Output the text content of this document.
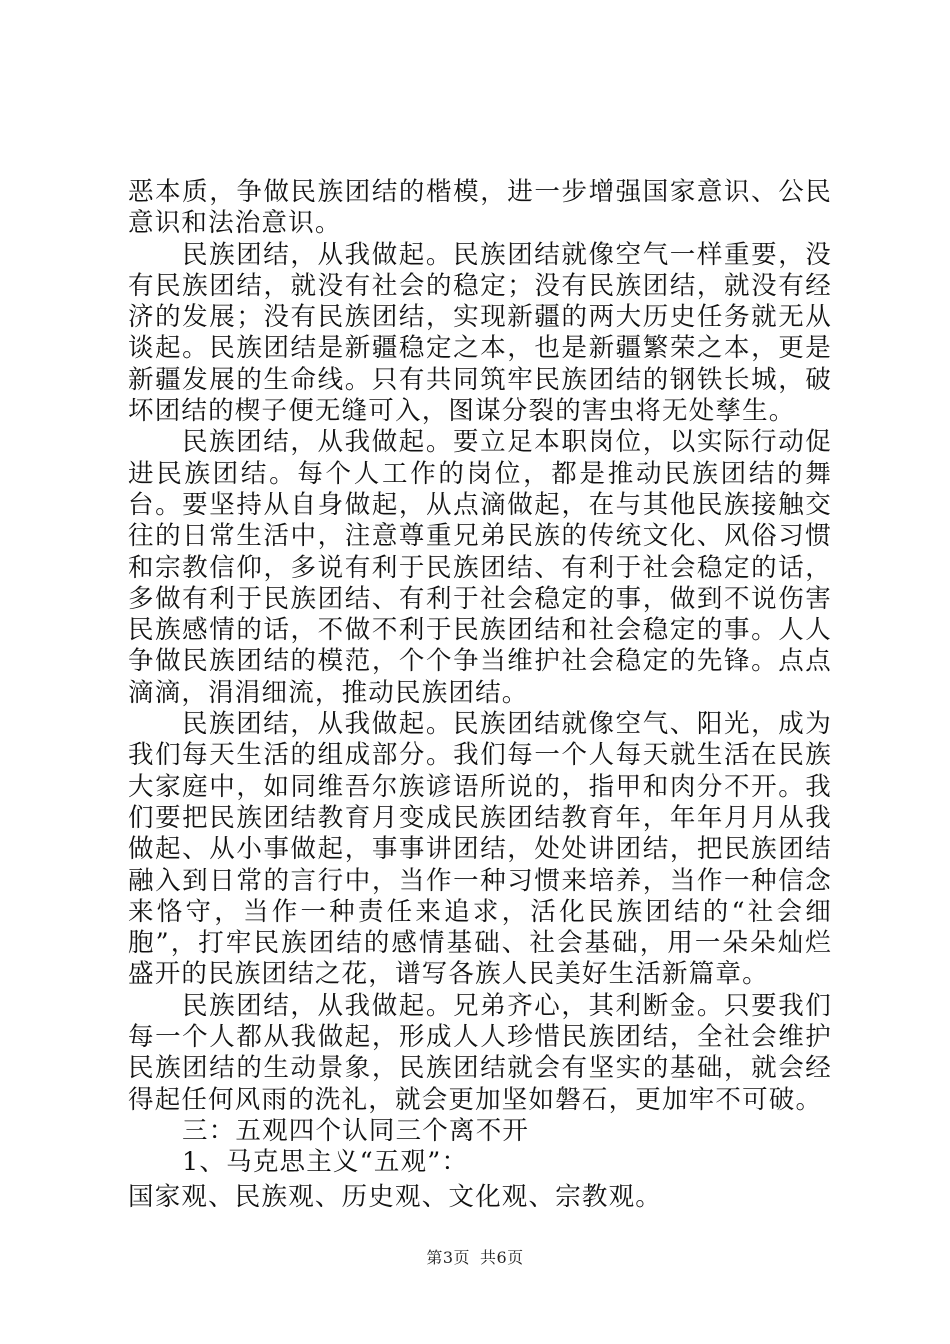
恶本质，争做民族团结的楷模，进一步增强国家意识、公民意识和法治意识。

民族团结，从我做起。民族团结就像空气一样重要，没有民族团结，就没有社会的稳定；没有民族团结，就没有经济的发展；没有民族团结，实现新疆的两大历史任务就无从谈起。民族团结是新疆稳定之本，也是新疆繁荣之本，更是新疆发展的生命线。只有共同筑牢民族团结的钢铁长城，破坏团结的楔子便无缝可入，图谋分裂的害虫将无处孳生。

民族团结，从我做起。要立足本职岗位，以实际行动促进民族团结。每个人工作的岗位，都是推动民族团结的舞台。要坚持从自身做起，从点滴做起，在与其他民族接触交往的日常生活中，注意尊重兄弟民族的传统文化、风俗习惯和宗教信仰，多说有利于民族团结、有利于社会稳定的话，多做有利于民族团结、有利于社会稳定的事，做到不说伤害民族感情的话，不做不利于民族团结和社会稳定的事。人人争做民族团结的模范，个个争当维护社会稳定的先锋。点点滴滴，涓涓细流，推动民族团结。

民族团结，从我做起。民族团结就像空气、阳光，成为我们每天生活的组成部分。我们每一个人每天就生活在民族大家庭中，如同维吾尔族谚语所说的，指甲和肉分不开。我们要把民族团结教育月变成民族团结教育年，年年月月从我做起、从小事做起，事事讲团结，处处讲团结，把民族团结融入到日常的言行中，当作一种习惯来培养，当作一种信念来恪守，当作一种责任来追求，活化民族团结的“社会细胞”，打牢民族团结的感情基础、社会基础，用一朵朵灿烂盛开的民族团结之花，谱写各族人民美好生活新篇章。

民族团结，从我做起。兄弟齐心，其利断金。只要我们每一个人都从我做起，形成人人珍惜民族团结，全社会维护民族团结的生动景象，民族团结就会有坚实的基础，就会经得起任何风雨的洗礼，就会更加坚如磐石，更加牢不可破。

三：五观四个认同三个离不开

1、马克思主义“五观”：

国家观、民族观、历史观、文化观、宗教观。

第3页 共6页
